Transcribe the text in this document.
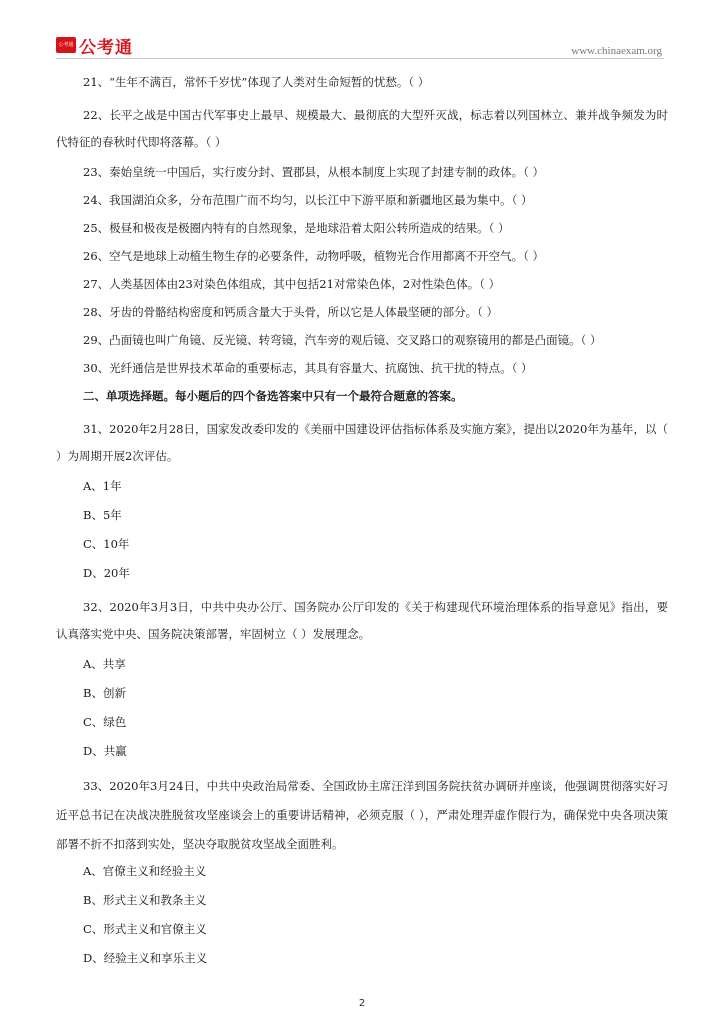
公考通 公考通	www.chinaexam.org

21、“生年不满百，常怀千岁忧”体现了人类对生命短暂的忧愁。（ ）

22、长平之战是中国古代军事史上最早、规模最大、最彻底的大型歼灭战，标志着以列国林立、兼并战争频发为时代特征的春秋时代即将落幕。（ ）

23、秦始皇统一中国后，实行废分封、置郡县，从根本制度上实现了封建专制的政体。（ ）

24、我国湖泊众多，分布范围广而不均匀，以长江中下游平原和新疆地区最为集中。（ ）

25、极昼和极夜是极圈内特有的自然现象，是地球沿着太阳公转所造成的结果。（ ）

26、空气是地球上动植生物生存的必要条件，动物呼吸，植物光合作用都离不开空气。（ ）

27、人类基因体由23对染色体组成，其中包括21对常染色体，2对性染色体。（ ）

28、牙齿的骨骼结构密度和钙质含量大于头骨，所以它是人体最坚硬的部分。（ ）

29、凸面镜也叫广角镜、反光镜、转弯镜，汽车旁的观后镜、交叉路口的观察镜用的都是凸面镜。（ ）

30、光纤通信是世界技术革命的重要标志，其具有容量大、抗腐蚀、抗干扰的特点。（ ）

二、单项选择题。每小题后的四个备选答案中只有一个最符合题意的答案。

31、2020年2月28日，国家发改委印发的《美丽中国建设评估指标体系及实施方案》，提出以2020年为基年，以（ ）为周期开展2次评估。

A、1年
B、5年
C、10年
D、20年

32、2020年3月3日，中共中央办公厅、国务院办公厅印发的《关于构建现代环境治理体系的指导意见》指出，要认真落实党中央、国务院决策部署，牢固树立（ ）发展理念。

A、共享
B、创新
C、绿色
D、共赢

33、2020年3月24日，中共中央政治局常委、全国政协主席汪洋到国务院扶贫办调研并座谈，他强调贯彻落实好习近平总书记在决战决胜脱贫攻坚座谈会上的重要讲话精神，必须克服（ ），严肃处理弄虚作假行为，确保党中央各项决策部署不折不扣落到实处，坚决夺取脱贫攻坚战全面胜利。

A、官僚主义和经验主义
B、形式主义和教条主义
C、形式主义和官僚主义
D、经验主义和享乐主义
2
